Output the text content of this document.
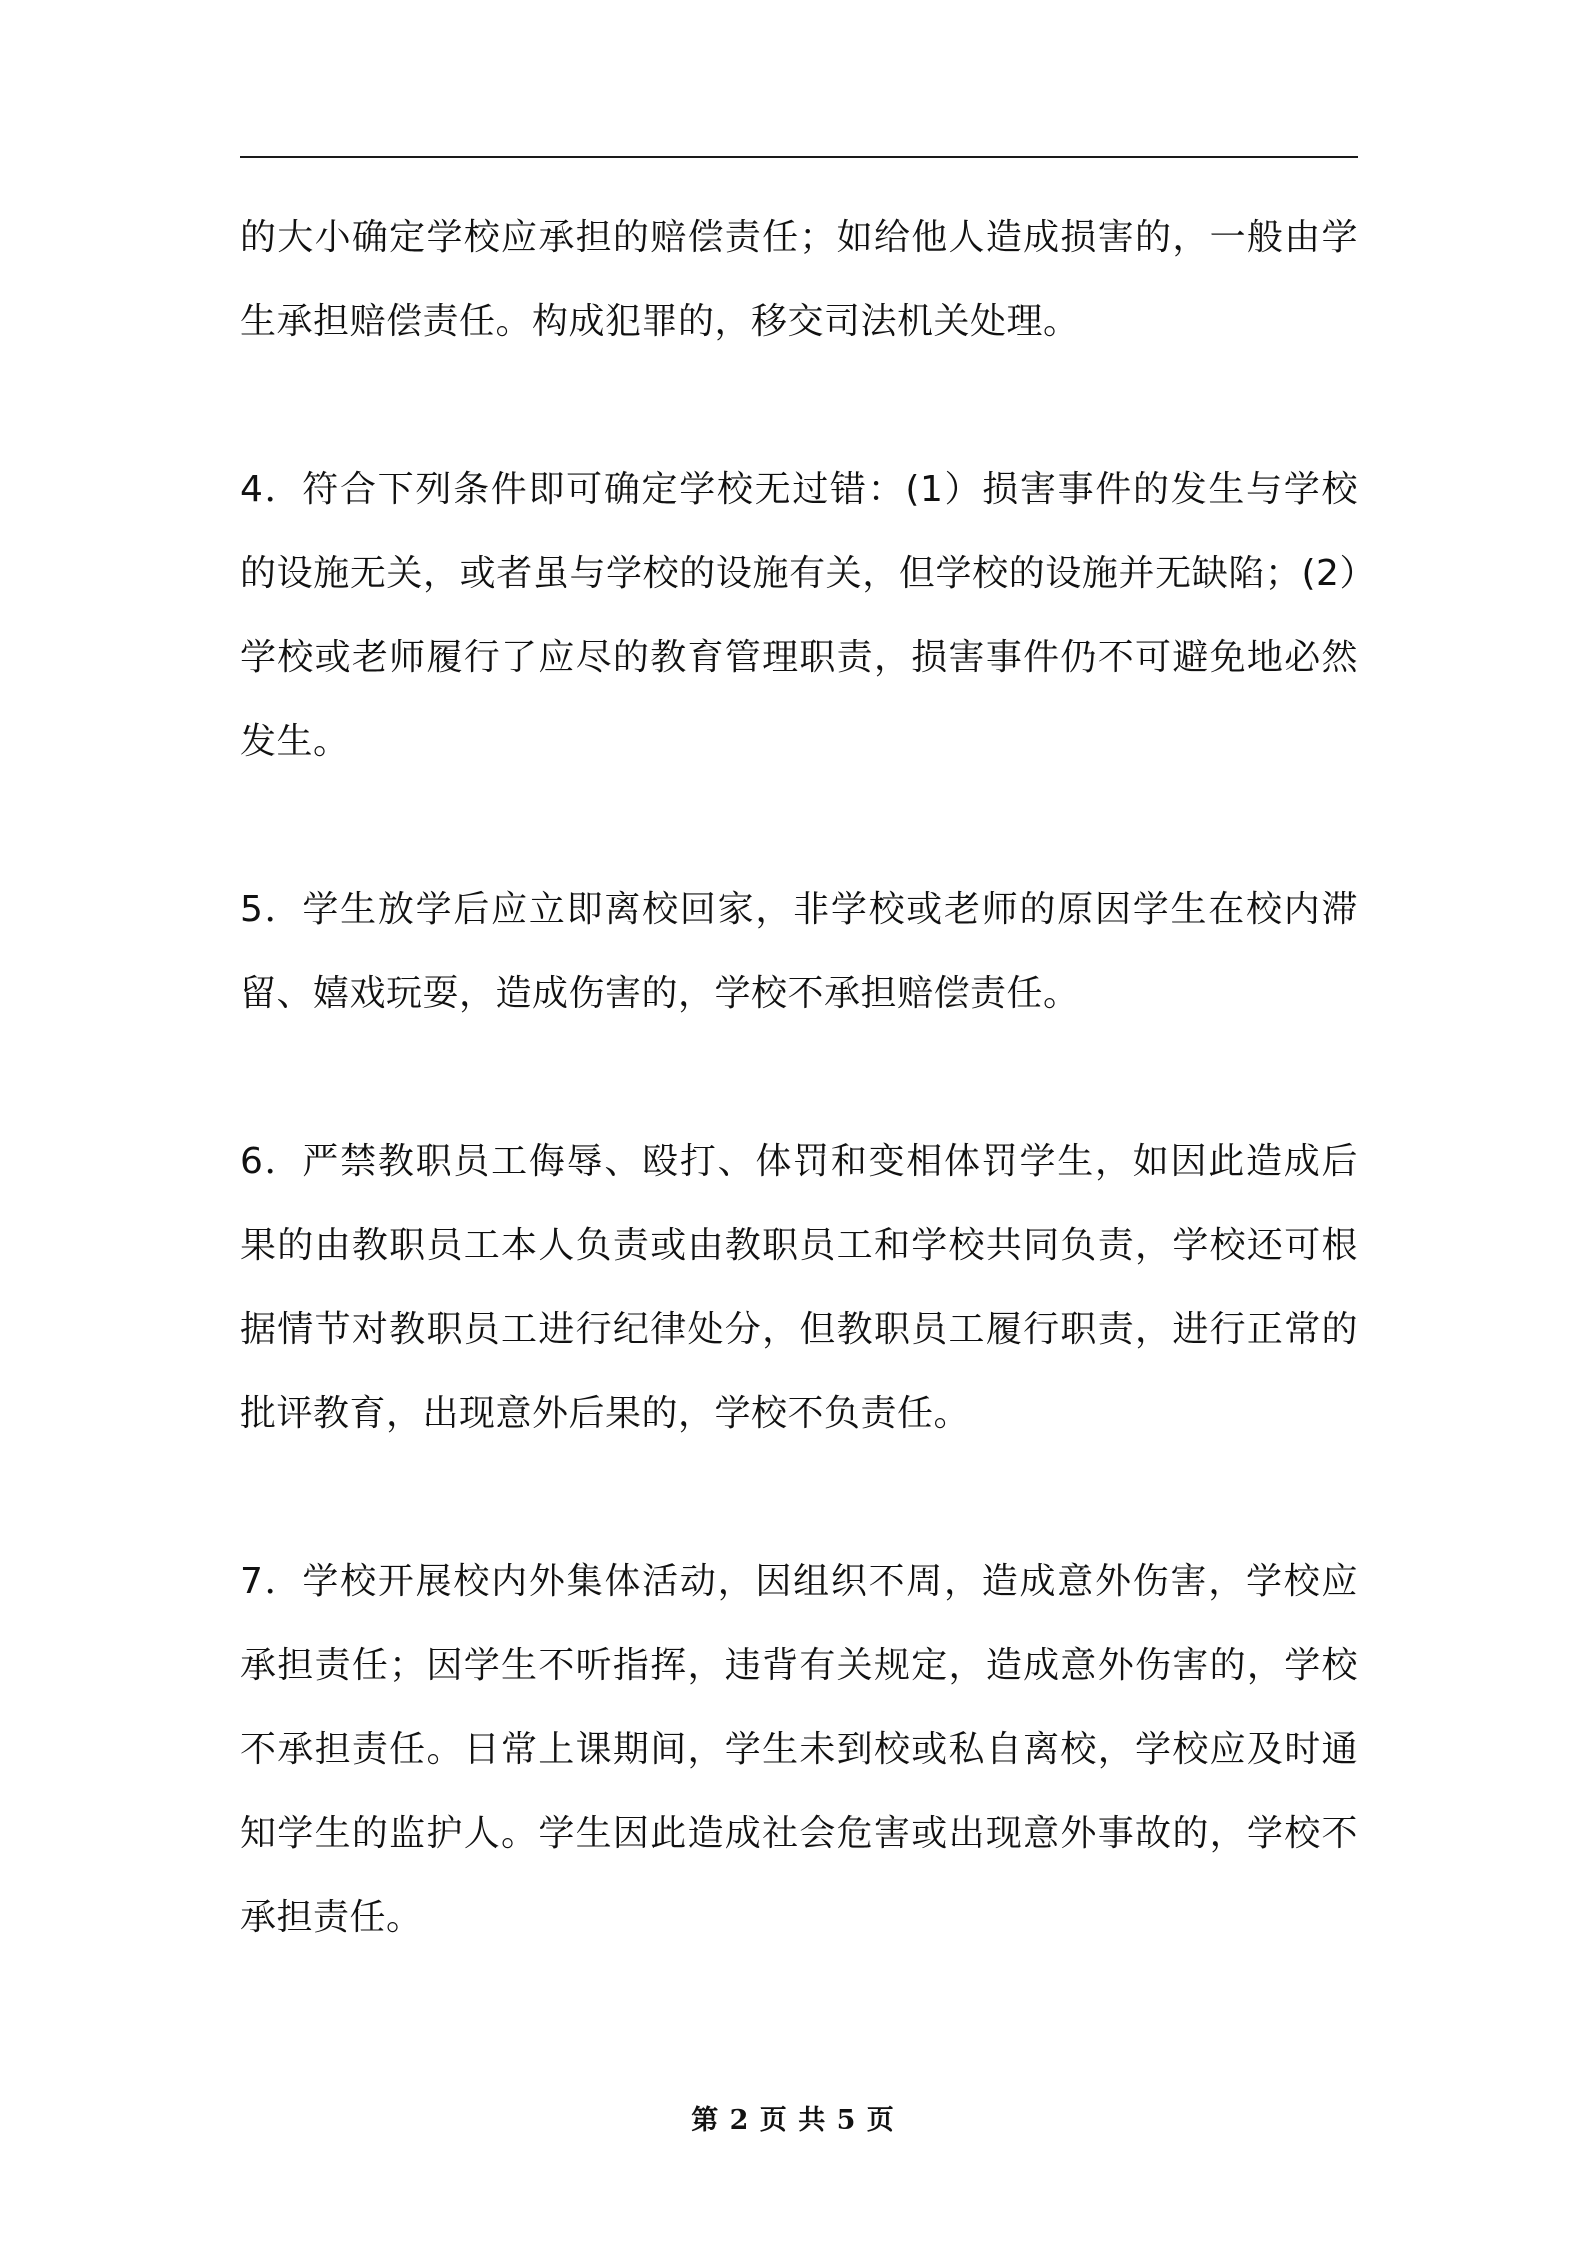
的大小确定学校应承担的赔偿责任；如给他人造成损害的，一般由学生承担赔偿责任。构成犯罪的，移交司法机关处理。

4．符合下列条件即可确定学校无过错：(1）损害事件的发生与学校的设施无关，或者虽与学校的设施有关，但学校的设施并无缺陷；(2）学校或老师履行了应尽的教育管理职责，损害事件仍不可避免地必然发生。

5．学生放学后应立即离校回家，非学校或老师的原因学生在校内滞留、嬉戏玩耍，造成伤害的，学校不承担赔偿责任。

6．严禁教职员工侮辱、殴打、体罚和变相体罚学生，如因此造成后果的由教职员工本人负责或由教职员工和学校共同负责，学校还可根据情节对教职员工进行纪律处分，但教职员工履行职责，进行正常的批评教育，出现意外后果的，学校不负责任。

7．学校开展校内外集体活动，因组织不周，造成意外伤害，学校应承担责任；因学生不听指挥，违背有关规定，造成意外伤害的，学校不承担责任。日常上课期间，学生未到校或私自离校，学校应及时通知学生的监护人。学生因此造成社会危害或出现意外事故的，学校不承担责任。

第 2 页 共 5 页
